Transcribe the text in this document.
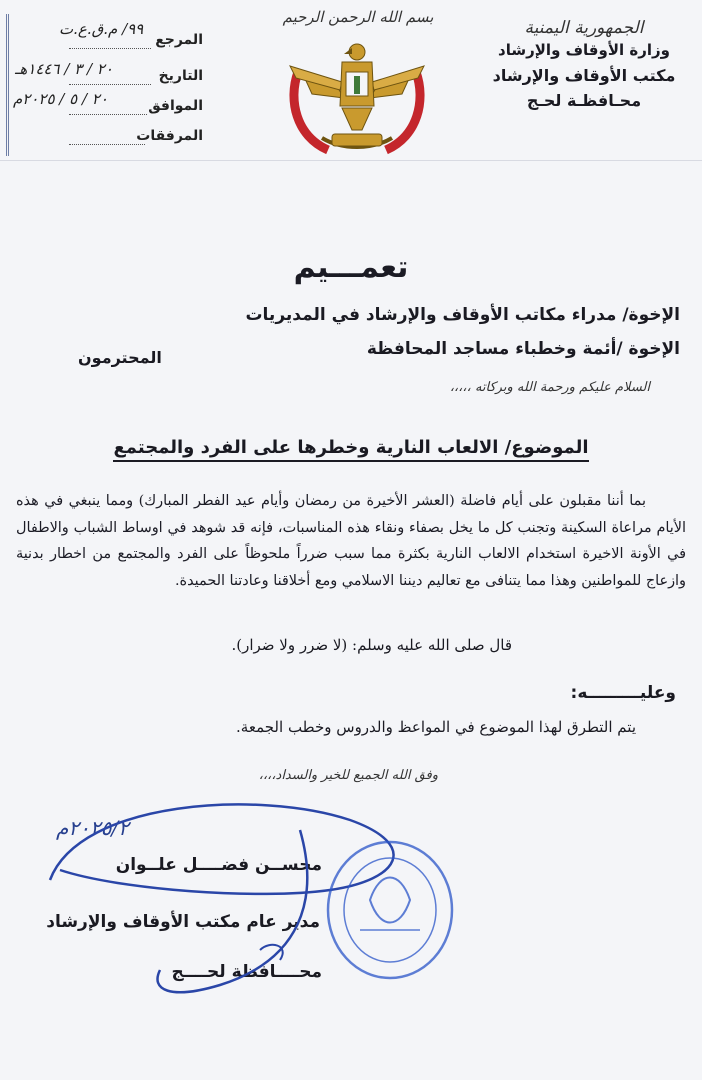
الجمهورية اليمنية
وزارة الأوقاف والإرشاد
مكتب الأوقاف والإرشاد
محـافظـة لحـج
بسم الله الرحمن الرحيم
المرجع
التاريخ
الموافق
المرفقات
٩٩/ م.ق.ع.ت
٢٠ / ٣ / ١٤٤٦هـ
٢٠ / ٥ / ٢٠٢٥م
تعمـــيم
الإخوة/ مدراء مكاتب الأوقاف والإرشاد في المديريات
الإخوة /أئمة وخطباء مساجد المحافظة
المحترمون
السلام عليكم ورحمة الله وبركاته ،،،،،
الموضوع/ الالعاب النارية وخطرها على الفرد والمجتمع
بما أننا مقبلون على أيام فاضلة (العشر الأخيرة من رمضان وأيام عيد الفطر المبارك) ومما ينبغي في هذه الأيام مراعاة السكينة وتجنب كل ما يخل بصفاء ونقاء هذه المناسبات، فإنه قد شوهد في اوساط الشباب والاطفال في الأونة الاخيرة استخدام الالعاب النارية بكثرة مما سبب ضرراً ملحوظاً على الفرد والمجتمع من اخطار بدنية وازعاج للمواطنين وهذا مما يتنافى مع تعاليم ديننا الاسلامي ومع أخلاقنا وعادتنا الحميدة.
قال صلى الله عليه وسلم: (لا ضرر ولا ضرار).
وعليـــــــــه:
يتم التطرق لهذا الموضوع في المواعظ والدروس وخطب الجمعة.
وفق الله الجميع للخير والسداد،،،،
محســن فضــــل علــوان
مدير عام مكتب الأوقاف والإرشاد
محــــافظة لحــــج
٢٠٢٥/٢م
